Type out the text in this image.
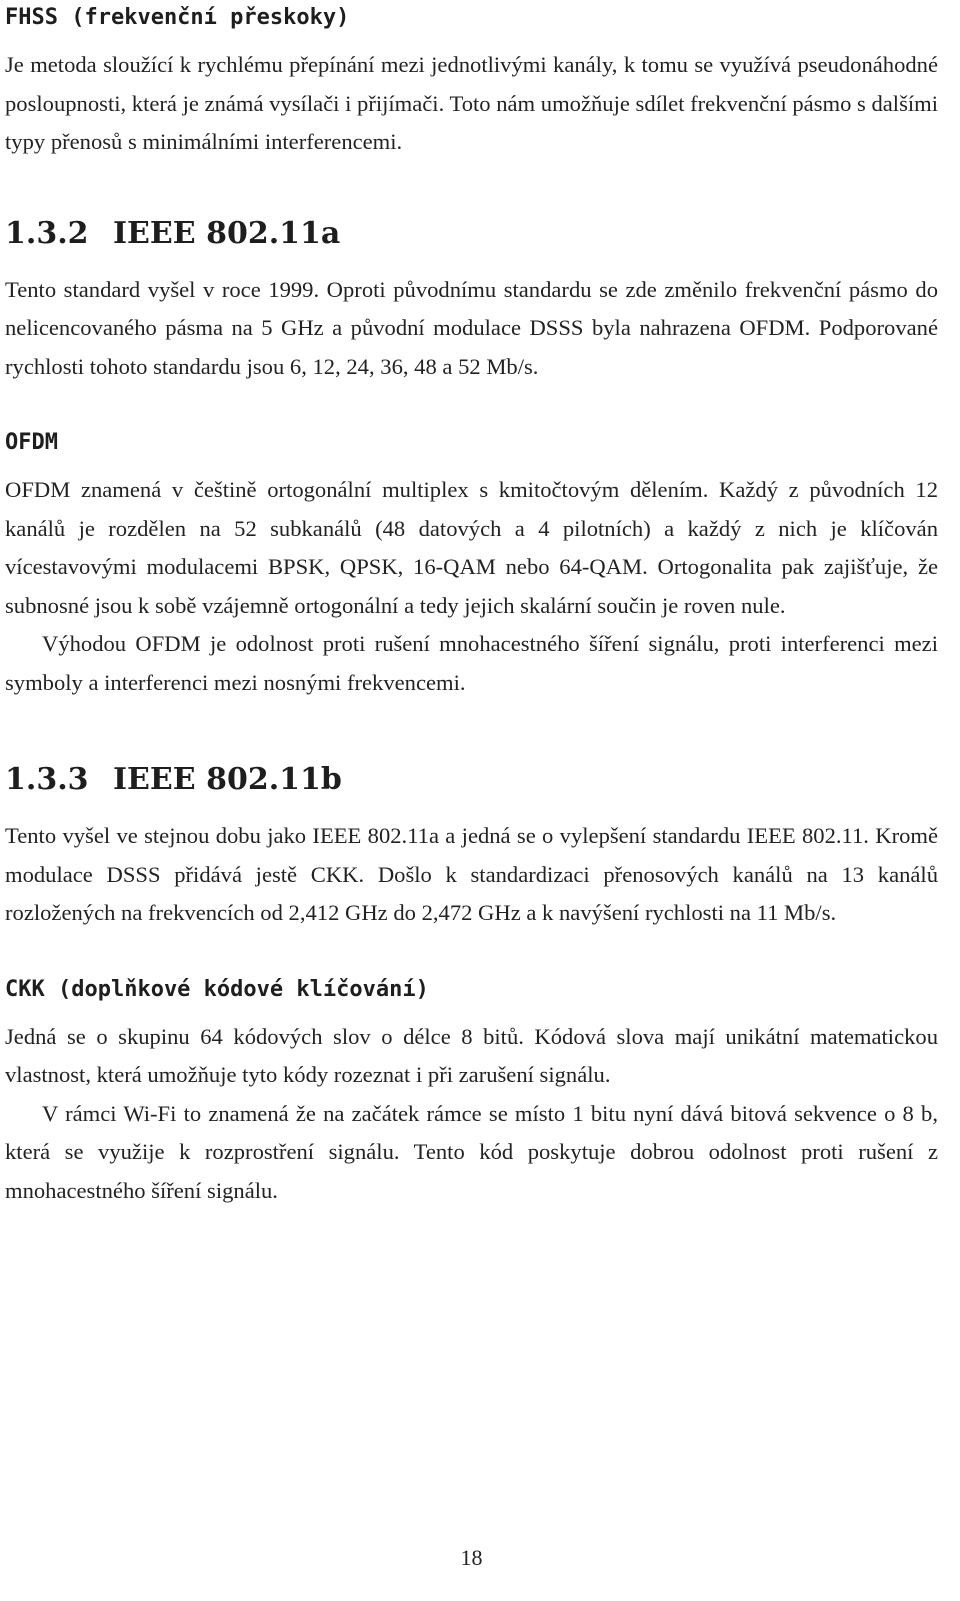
FHSS (frekvenční přeskoky)

Je metoda sloužící k rychlému přepínání mezi jednotlivými kanály, k tomu se využívá pseudonáhodné posloupnosti, která je známá vysílači i přijímači. Toto nám umožňuje sdílet frekvenční pásmo s dalšími typy přenosů s minimálními interferencemi.

1.3.2 IEEE 802.11a

Tento standard vyšel v roce 1999. Oproti původnímu standardu se zde změnilo frekvenční pásmo do nelicencovaného pásma na 5 GHz a původní modulace DSSS byla nahrazena OFDM. Podporované rychlosti tohoto standardu jsou 6, 12, 24, 36, 48 a 52 Mb/s.

OFDM

OFDM znamená v češtině ortogonální multiplex s kmitočtovým dělením. Každý z původních 12 kanálů je rozdělen na 52 subkanálů (48 datových a 4 pilotních) a každý z nich je klíčován vícestavovými modulacemi BPSK, QPSK, 16-QAM nebo 64-QAM. Ortogonalita pak zajišťuje, že subnosné jsou k sobě vzájemně ortogonální a tedy jejich skalární součin je roven nule.

Výhodou OFDM je odolnost proti rušení mnohacestného šíření signálu, proti interferenci mezi symboly a interferenci mezi nosnými frekvencemi.

1.3.3 IEEE 802.11b

Tento vyšel ve stejnou dobu jako IEEE 802.11a a jedná se o vylepšení standardu IEEE 802.11. Kromě modulace DSSS přidává jestě CKK. Došlo k standardizaci přenosových kanálů na 13 kanálů rozložených na frekvencích od 2,412 GHz do 2,472 GHz a k navýšení rychlosti na 11 Mb/s.

CKK (doplňkové kódové klíčování)

Jedná se o skupinu 64 kódových slov o délce 8 bitů. Kódová slova mají unikátní matematickou vlastnost, která umožňuje tyto kódy rozeznat i při zarušení signálu.

V rámci Wi-Fi to znamená že na začátek rámce se místo 1 bitu nyní dává bitová sekvence o 8 b, která se využije k rozprostření signálu. Tento kód poskytuje dobrou odolnost proti rušení z mnohacestného šíření signálu.

18
